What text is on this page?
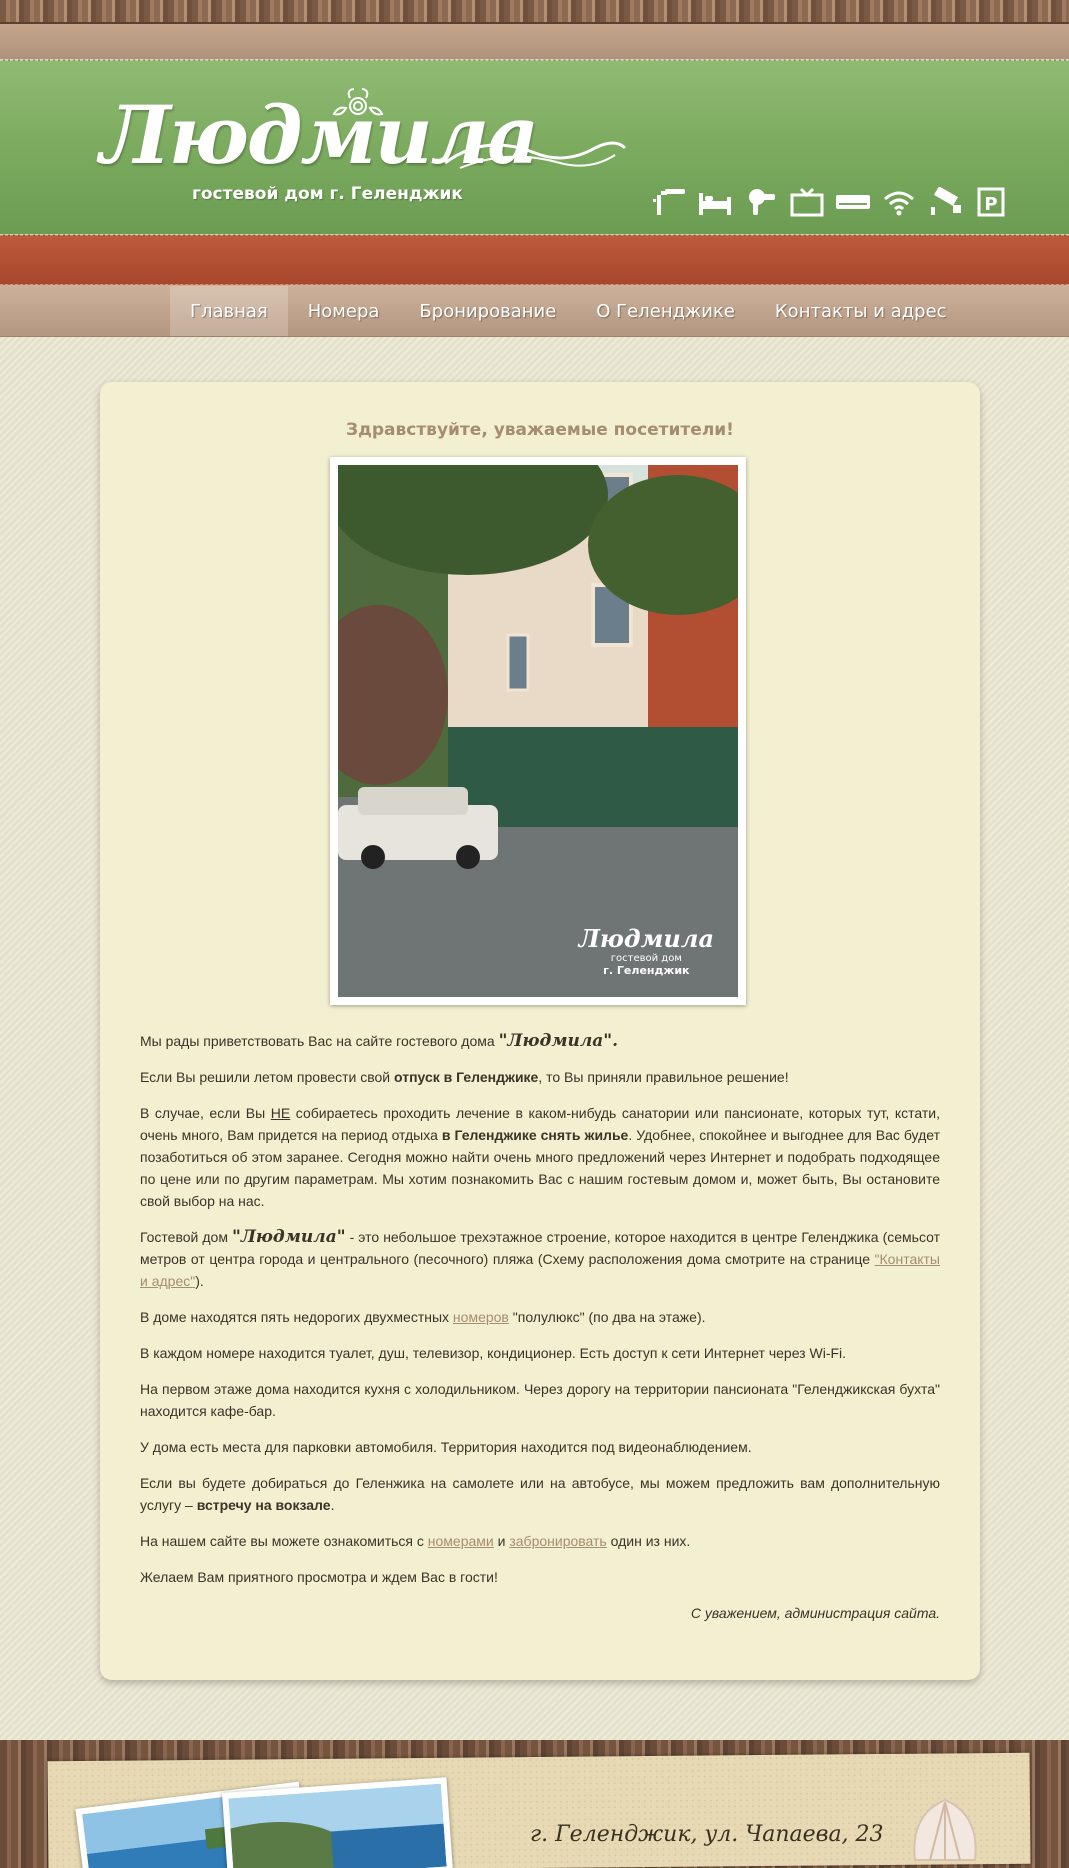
Людмила
гостевой дом г. Геленджик	P
Главная	Номера	Бронирование	О Геленджике	Контакты и адрес
Здравствуйте, уважаемые посетители!
Людмила
гостевой дом
г. Геленджик

Мы рады приветствовать Вас на сайте гостевого дома "Людмила".

Если Вы решили летом провести свой отпуск в Геленджике, то Вы приняли правильное решение!

В случае, если Вы НЕ собираетесь проходить лечение в каком-нибудь санатории или пансионате, которых тут, кстати, очень много, Вам придется на период отдыха в Геленджике снять жилье. Удобнее, спокойнее и выгоднее для Вас будет позаботиться об этом заранее. Сегодня можно найти очень много предложений через Интернет и подобрать подходящее по цене или по другим параметрам. Мы хотим познакомить Вас с нашим гостевым домом и, может быть, Вы остановите свой выбор на нас.

Гостевой дом "Людмила" - это небольшое трехэтажное строение, которое находится в центре Геленджика (семьсот метров от центра города и центрального (песочного) пляжа (Схему расположения дома смотрите на странице "Контакты и адрес").

В доме находятся пять недорогих двухместных номеров "полулюкс" (по два на этаже).

В каждом номере находится туалет, душ, телевизор, кондиционер. Есть доступ к сети Интернет через Wi-Fi.

На первом этаже дома находится кухня с холодильником. Через дорогу на территории пансионата "Геленджикская бухта" находится кафе-бар.

У дома есть места для парковки автомобиля. Территория находится под видеонаблюдением.

Если вы будете добираться до Геленжика на самолете или на автобусе, мы можем предложить вам дополнительную услугу – встречу на вокзале.

На нашем сайте вы можете ознакомиться с номерами и забронировать один из них.

Желаем Вам приятного просмотра и ждем Вас в гости!

С уважением, администрация сайта.

г. Геленджик, ул. Чапаева, 23
